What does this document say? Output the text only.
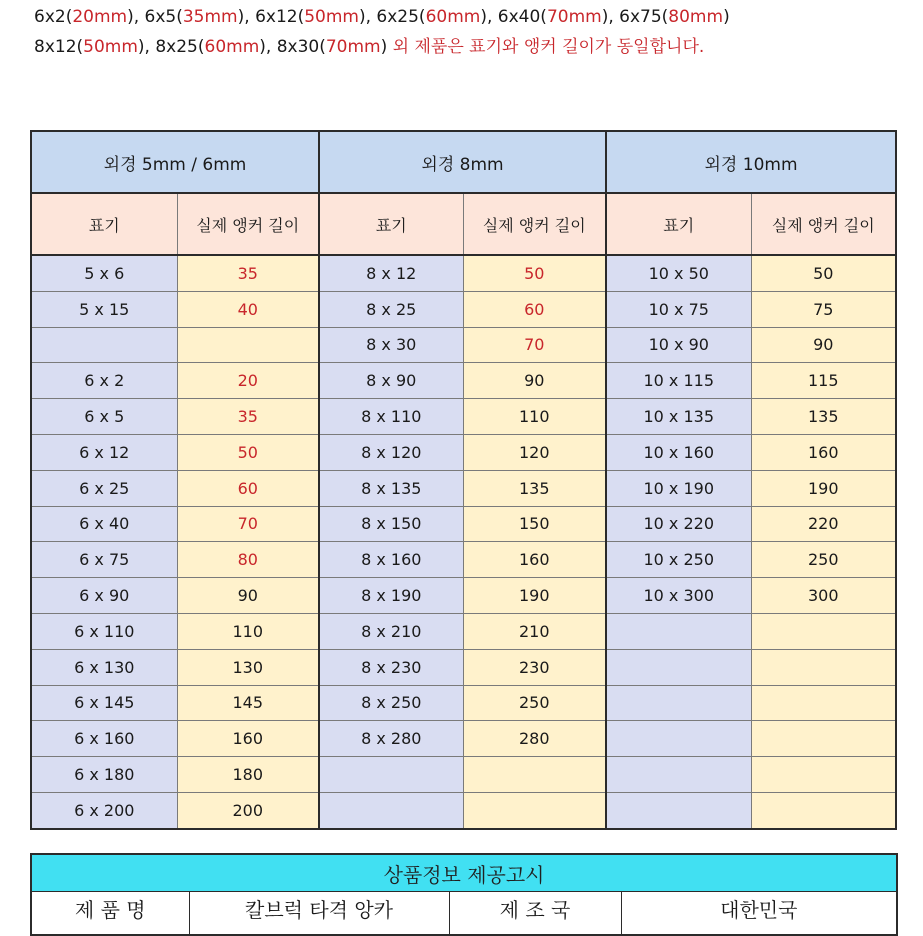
6x2(20mm), 6x5(35mm), 6x12(50mm), 6x25(60mm), 6x40(70mm), 6x75(80mm)
8x12(50mm), 8x25(60mm), 8x30(70mm) 외 제품은 표기와 앵커 길이가 동일합니다.
외경 5mm / 6mm		외경 8mm		외경 10mm	
표기	실제 앵커 길이	표기	실제 앵커 길이	표기	실제 앵커 길이
5 x 6	35	8 x 12	50	10 x 50	50
5 x 15	40	8 x 25	60	10 x 75	75
		8 x 30	70	10 x 90	90
6 x 2	20	8 x 90	90	10 x 115	115
6 x 5	35	8 x 110	110	10 x 135	135
6 x 12	50	8 x 120	120	10 x 160	160
6 x 25	60	8 x 135	135	10 x 190	190
6 x 40	70	8 x 150	150	10 x 220	220
6 x 75	80	8 x 160	160	10 x 250	250
6 x 90	90	8 x 190	190	10 x 300	300
6 x 110	110	8 x 210	210		
6 x 130	130	8 x 230	230		
6 x 145	145	8 x 250	250		
6 x 160	160	8 x 280	280		
6 x 180	180				
6 x 200	200				
상품정보 제공고시
제 품 명	칼브럭 타격 앙카	제 조 국	대한민국
